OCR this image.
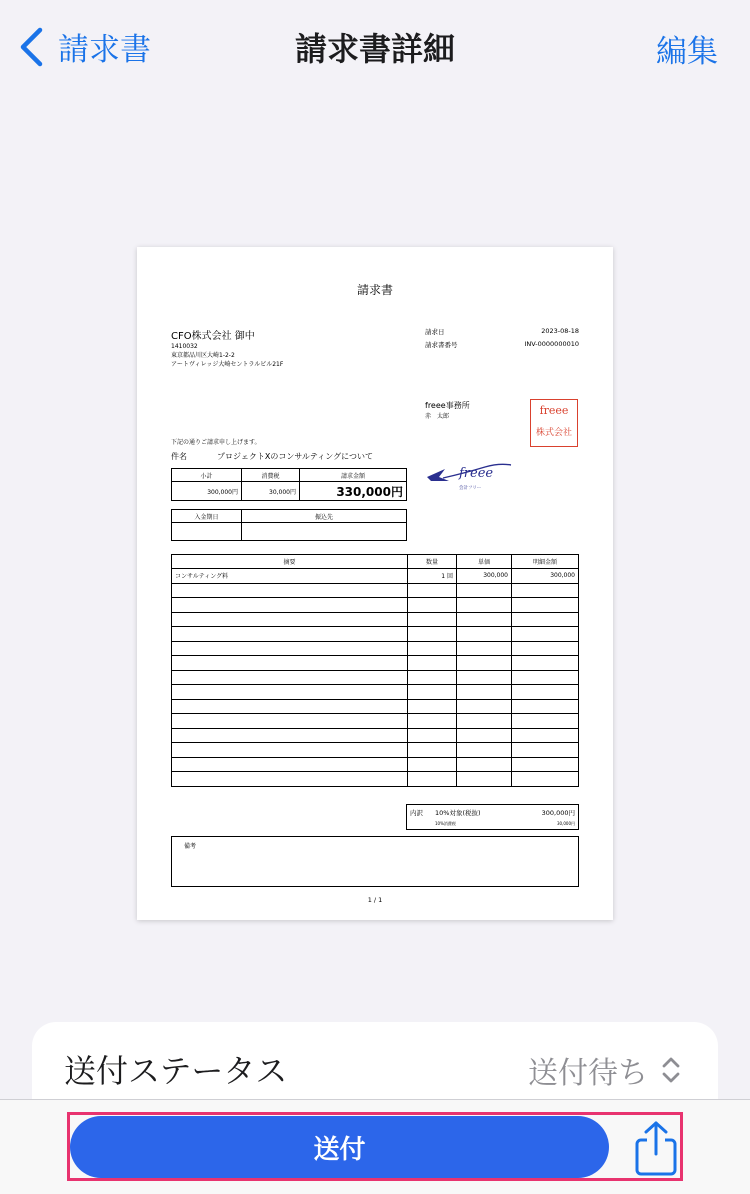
請求書	請求書詳細	編集
請求書
CFO株式会社 御中
1410032
東京都品川区大崎1-2-2
アートヴィレッジ大崎セントラルビル21F
請求日	2023-08-18
請求書番号	INV-0000000010
freee事務所
赤　太郎	freee
株式会社
下記の通りご請求申し上げます。
件名	プロジェクトXのコンサルティングについて
小計	消費税	請求金額
300,000円	30,000円	330,000円
入金期日	振込先

freee
会計フリー
摘要	数量	単価	明細金額
コンサルティング料	1 回	300,000	300,000

内訳 10%対象(税抜)	300,000円
10%消費税	30,000円
備考
1 / 1
送付ステータス	送付待ち
送付
